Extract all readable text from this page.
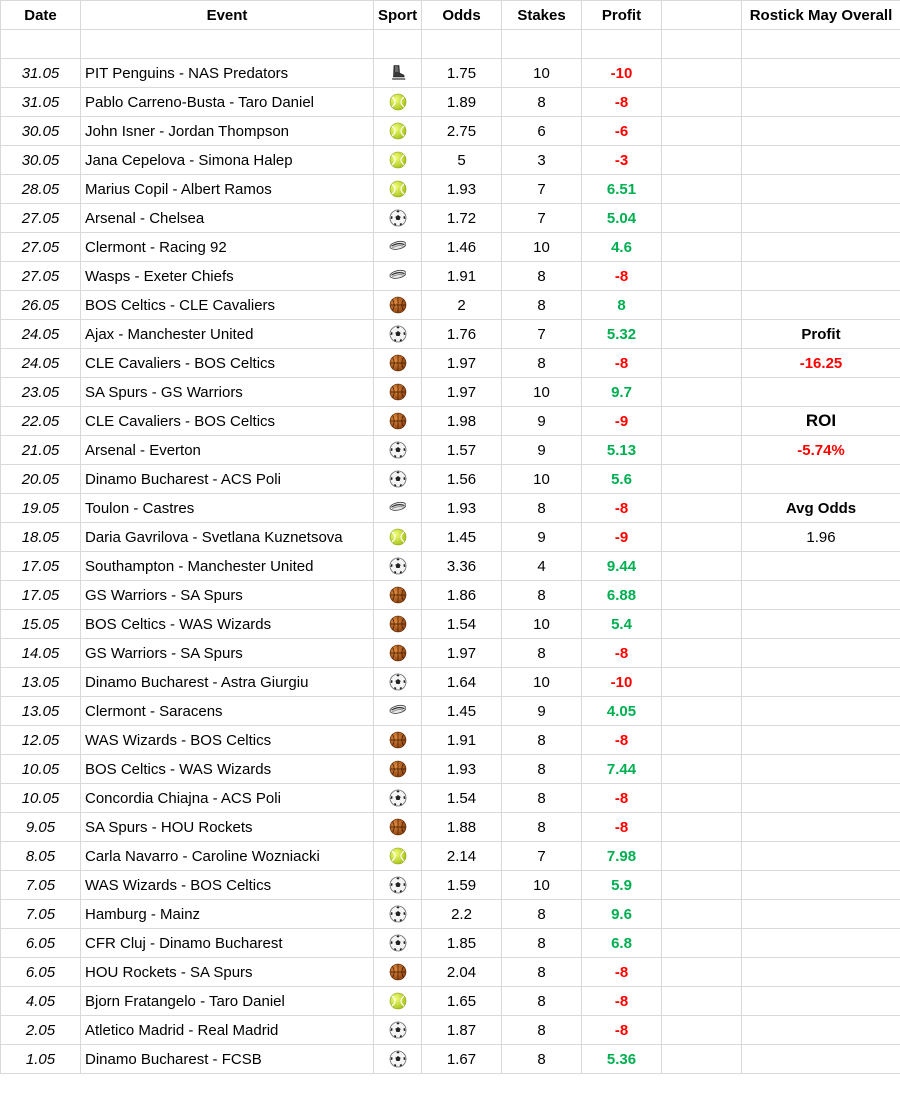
Date	Event	Sport	Odds	Stakes	Profit		Rostick May Overall

31.05	PIT Penguins - NAS Predators		1.75	10	-10		
31.05	Pablo Carreno-Busta - Taro Daniel		1.89	8	-8		
30.05	John Isner - Jordan Thompson		2.75	6	-6		
30.05	Jana Cepelova - Simona Halep		5	3	-3		
28.05	Marius Copil - Albert Ramos		1.93	7	6.51		
27.05	Arsenal - Chelsea		1.72	7	5.04		
27.05	Clermont - Racing 92		1.46	10	4.6		
27.05	Wasps - Exeter Chiefs		1.91	8	-8		
26.05	BOS Celtics - CLE Cavaliers		2	8	8		
24.05	Ajax - Manchester United		1.76	7	5.32		Profit
24.05	CLE Cavaliers - BOS Celtics		1.97	8	-8		-16.25
23.05	SA Spurs - GS Warriors		1.97	10	9.7		
22.05	CLE Cavaliers - BOS Celtics		1.98	9	-9		ROI
21.05	Arsenal - Everton		1.57	9	5.13		-5.74%
20.05	Dinamo Bucharest - ACS Poli		1.56	10	5.6		
19.05	Toulon - Castres		1.93	8	-8		Avg Odds
18.05	Daria Gavrilova - Svetlana Kuznetsova		1.45	9	-9		1.96
17.05	Southampton - Manchester United		3.36	4	9.44		
17.05	GS Warriors - SA Spurs		1.86	8	6.88		
15.05	BOS Celtics - WAS Wizards		1.54	10	5.4		
14.05	GS Warriors - SA Spurs		1.97	8	-8		
13.05	Dinamo Bucharest - Astra Giurgiu		1.64	10	-10		
13.05	Clermont - Saracens		1.45	9	4.05		
12.05	WAS Wizards - BOS Celtics		1.91	8	-8		
10.05	BOS Celtics - WAS Wizards		1.93	8	7.44		
10.05	Concordia Chiajna - ACS Poli		1.54	8	-8		
9.05	SA Spurs - HOU Rockets		1.88	8	-8		
8.05	Carla Navarro - Caroline Wozniacki		2.14	7	7.98		
7.05	WAS Wizards - BOS Celtics		1.59	10	5.9		
7.05	Hamburg - Mainz		2.2	8	9.6		
6.05	CFR Cluj - Dinamo Bucharest		1.85	8	6.8		
6.05	HOU Rockets - SA Spurs		2.04	8	-8		
4.05	Bjorn Fratangelo - Taro Daniel		1.65	8	-8		
2.05	Atletico Madrid - Real Madrid		1.87	8	-8		
1.05	Dinamo Bucharest - FCSB		1.67	8	5.36		
